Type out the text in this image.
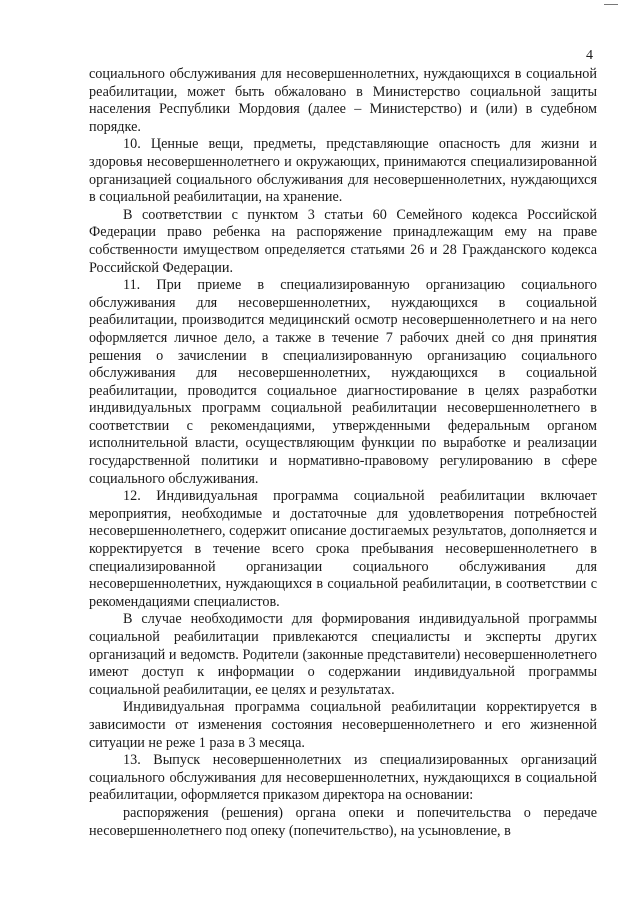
4

социального обслуживания для несовершеннолетних, нуждающихся в социальной реабилитации, может быть обжаловано в Министерство социальной защиты населения Республики Мордовия (далее – Министерство) и (или) в судебном порядке.

10. Ценные вещи, предметы, представляющие опасность для жизни и здоровья несовершеннолетнего и окружающих, принимаются специализированной организацией социального обслуживания для несовершеннолетних, нуждающихся в социальной реабилитации, на хранение.

В соответствии с пунктом 3 статьи 60 Семейного кодекса Российской Федерации право ребенка на распоряжение принадлежащим ему на праве собственности имуществом определяется статьями 26 и 28 Гражданского кодекса Российской Федерации.

11. При приеме в специализированную организацию социального обслуживания для несовершеннолетних, нуждающихся в социальной реабилитации, производится медицинский осмотр несовершеннолетнего и на него оформляется личное дело, а также в течение 7 рабочих дней со дня принятия решения о зачислении в специализированную организацию социального обслуживания для несовершеннолетних, нуждающихся в социальной реабилитации, проводится социальное диагностирование в целях разработки индивидуальных программ социальной реабилитации несовершеннолетнего в соответствии с рекомендациями, утвержденными федеральным органом исполнительной власти, осуществляющим функции по выработке и реализации государственной политики и нормативно-правовому регулированию в сфере социального обслуживания.

12. Индивидуальная программа социальной реабилитации включает мероприятия, необходимые и достаточные для удовлетворения потребностей несовершеннолетнего, содержит описание достигаемых результатов, дополняется и корректируется в течение всего срока пребывания несовершеннолетнего в специализированной организации социального обслуживания для несовершеннолетних, нуждающихся в социальной реабилитации, в соответствии с рекомендациями специалистов.

В случае необходимости для формирования индивидуальной программы социальной реабилитации привлекаются специалисты и эксперты других организаций и ведомств. Родители (законные представители) несовершеннолетнего имеют доступ к информации о содержании индивидуальной программы социальной реабилитации, ее целях и результатах.

Индивидуальная программа социальной реабилитации корректируется в зависимости от изменения состояния несовершеннолетнего и его жизненной ситуации не реже 1 раза в 3 месяца.

13. Выпуск несовершеннолетних из специализированных организаций социального обслуживания для несовершеннолетних, нуждающихся в социальной реабилитации, оформляется приказом директора на основании:

распоряжения (решения) органа опеки и попечительства о передаче несовершеннолетнего под опеку (попечительство), на усыновление, в
